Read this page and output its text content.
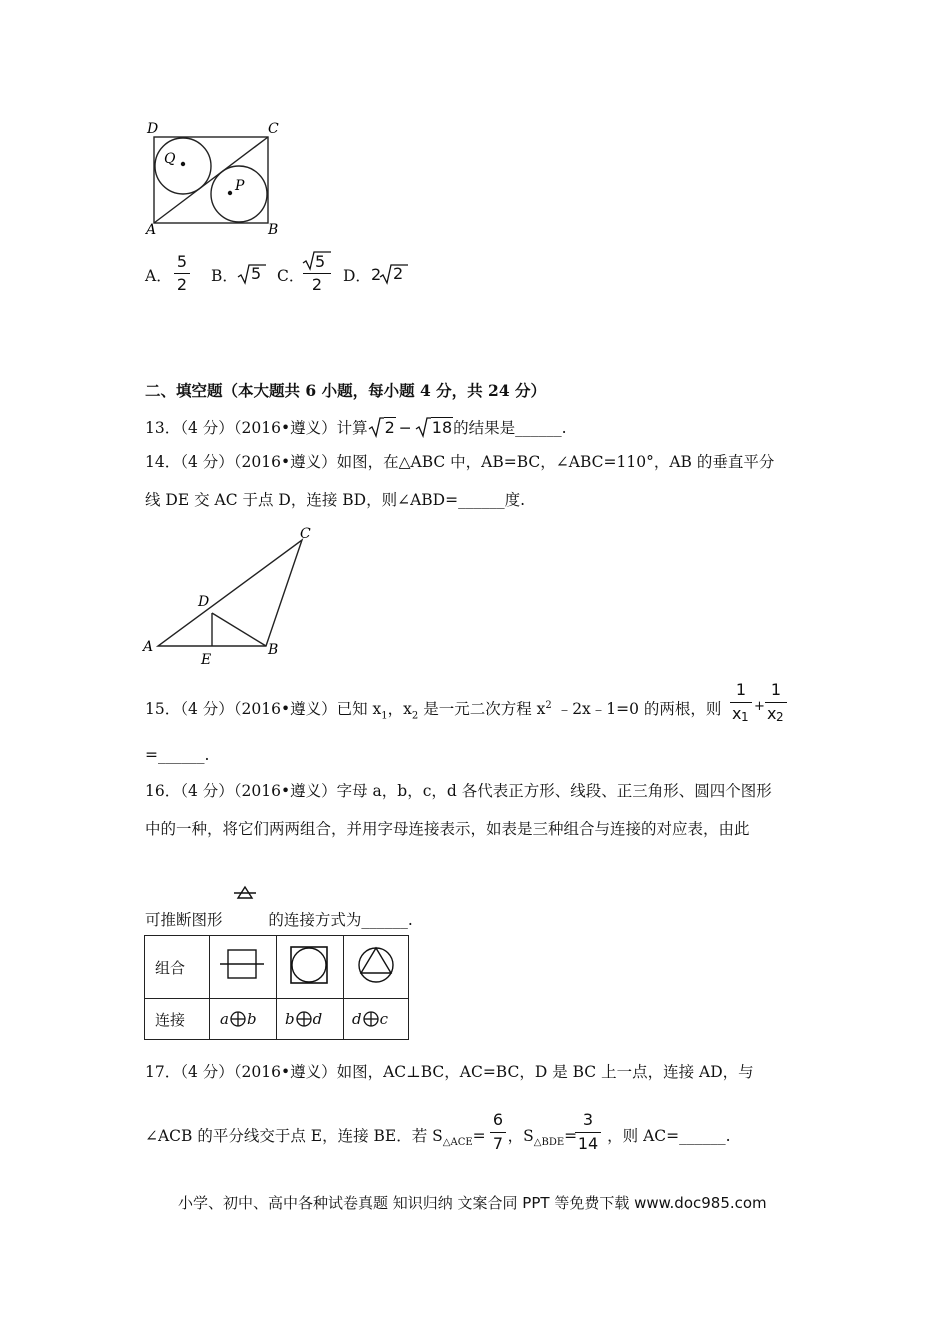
D	C
A	B
Q
P
A．
5
2 B． 5 C．
5
2	D． 2 2
二、填空题（本大题共 6 小题，每小题 4 分，共 24 分）
13．（4 分）（2016•遵义）计算 2 − 18的结果是______.
14．（4 分）（2016•遵义）如图，在△ABC 中，AB=BC，∠ABC=110°，AB 的垂直平分
线 DE 交 AC 于点 D，连接 BD，则∠ABD=______度.
C
D
A	B
E
15．（4 分）（2016•遵义）已知 $x_1$，$x_2$ 是一元二次方程 $x^2$ ﹣2x﹣1=0 的两根，则
1
x 1
+
1
x 2
=______.
16．（4 分）（2016•遵义）字母 a，b，c，d 各代表正方形、线段、正三角形、圆四个图形
中的一种，将它们两两组合，并用字母连接表示，如表是三种组合与连接的对应表，由此
可推断图形	的连接方式为______.
组合

连接	a b	b d	d c
17．（4 分）（2016•遵义）如图，AC⊥BC，AC=BC，D 是 BC 上一点，连接 AD，与
∠ACB 的平分线交于点 E，连接 BE．若 $S_{\triangle ACE}=$ ，$S_{\triangle BDE}=$ ，则 AC=______.
6
7
3
14
小学、初中、高中各种试卷真题 知识归纳 文案合同 PPT 等免费下载 www.doc985.com
